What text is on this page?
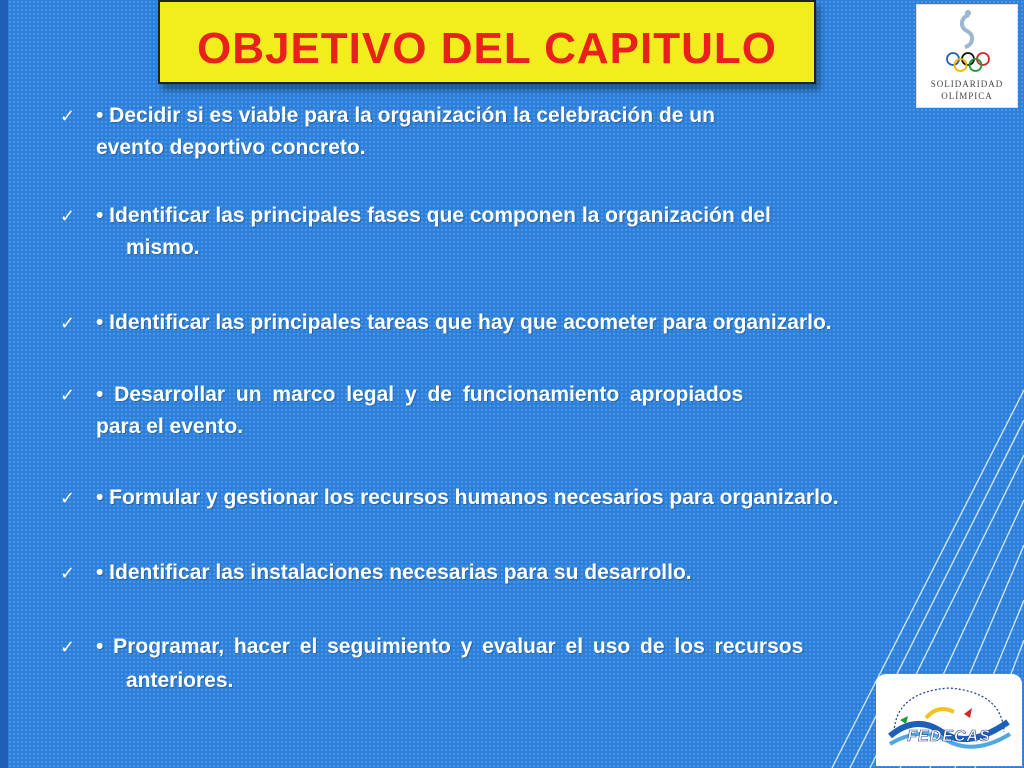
OBJETIVO DEL CAPITULO
SOLIDARIDAD
OLÍMPICA
✓ • Decidir si es viable para la organización la celebración de un
evento deportivo concreto.
✓ • Identificar las principales fases que componen la organización del
mismo.
✓ • Identificar las principales tareas que hay que acometer para organizarlo.
✓ • Desarrollar un marco legal y de funcionamiento apropiados
para el evento.
✓ • Formular y gestionar los recursos humanos necesarios para organizarlo.
✓ • Identificar las instalaciones necesarias para su desarrollo.
✓ • Programar, hacer el seguimiento y evaluar el uso de los recursos
anteriores.
FEDECAS
